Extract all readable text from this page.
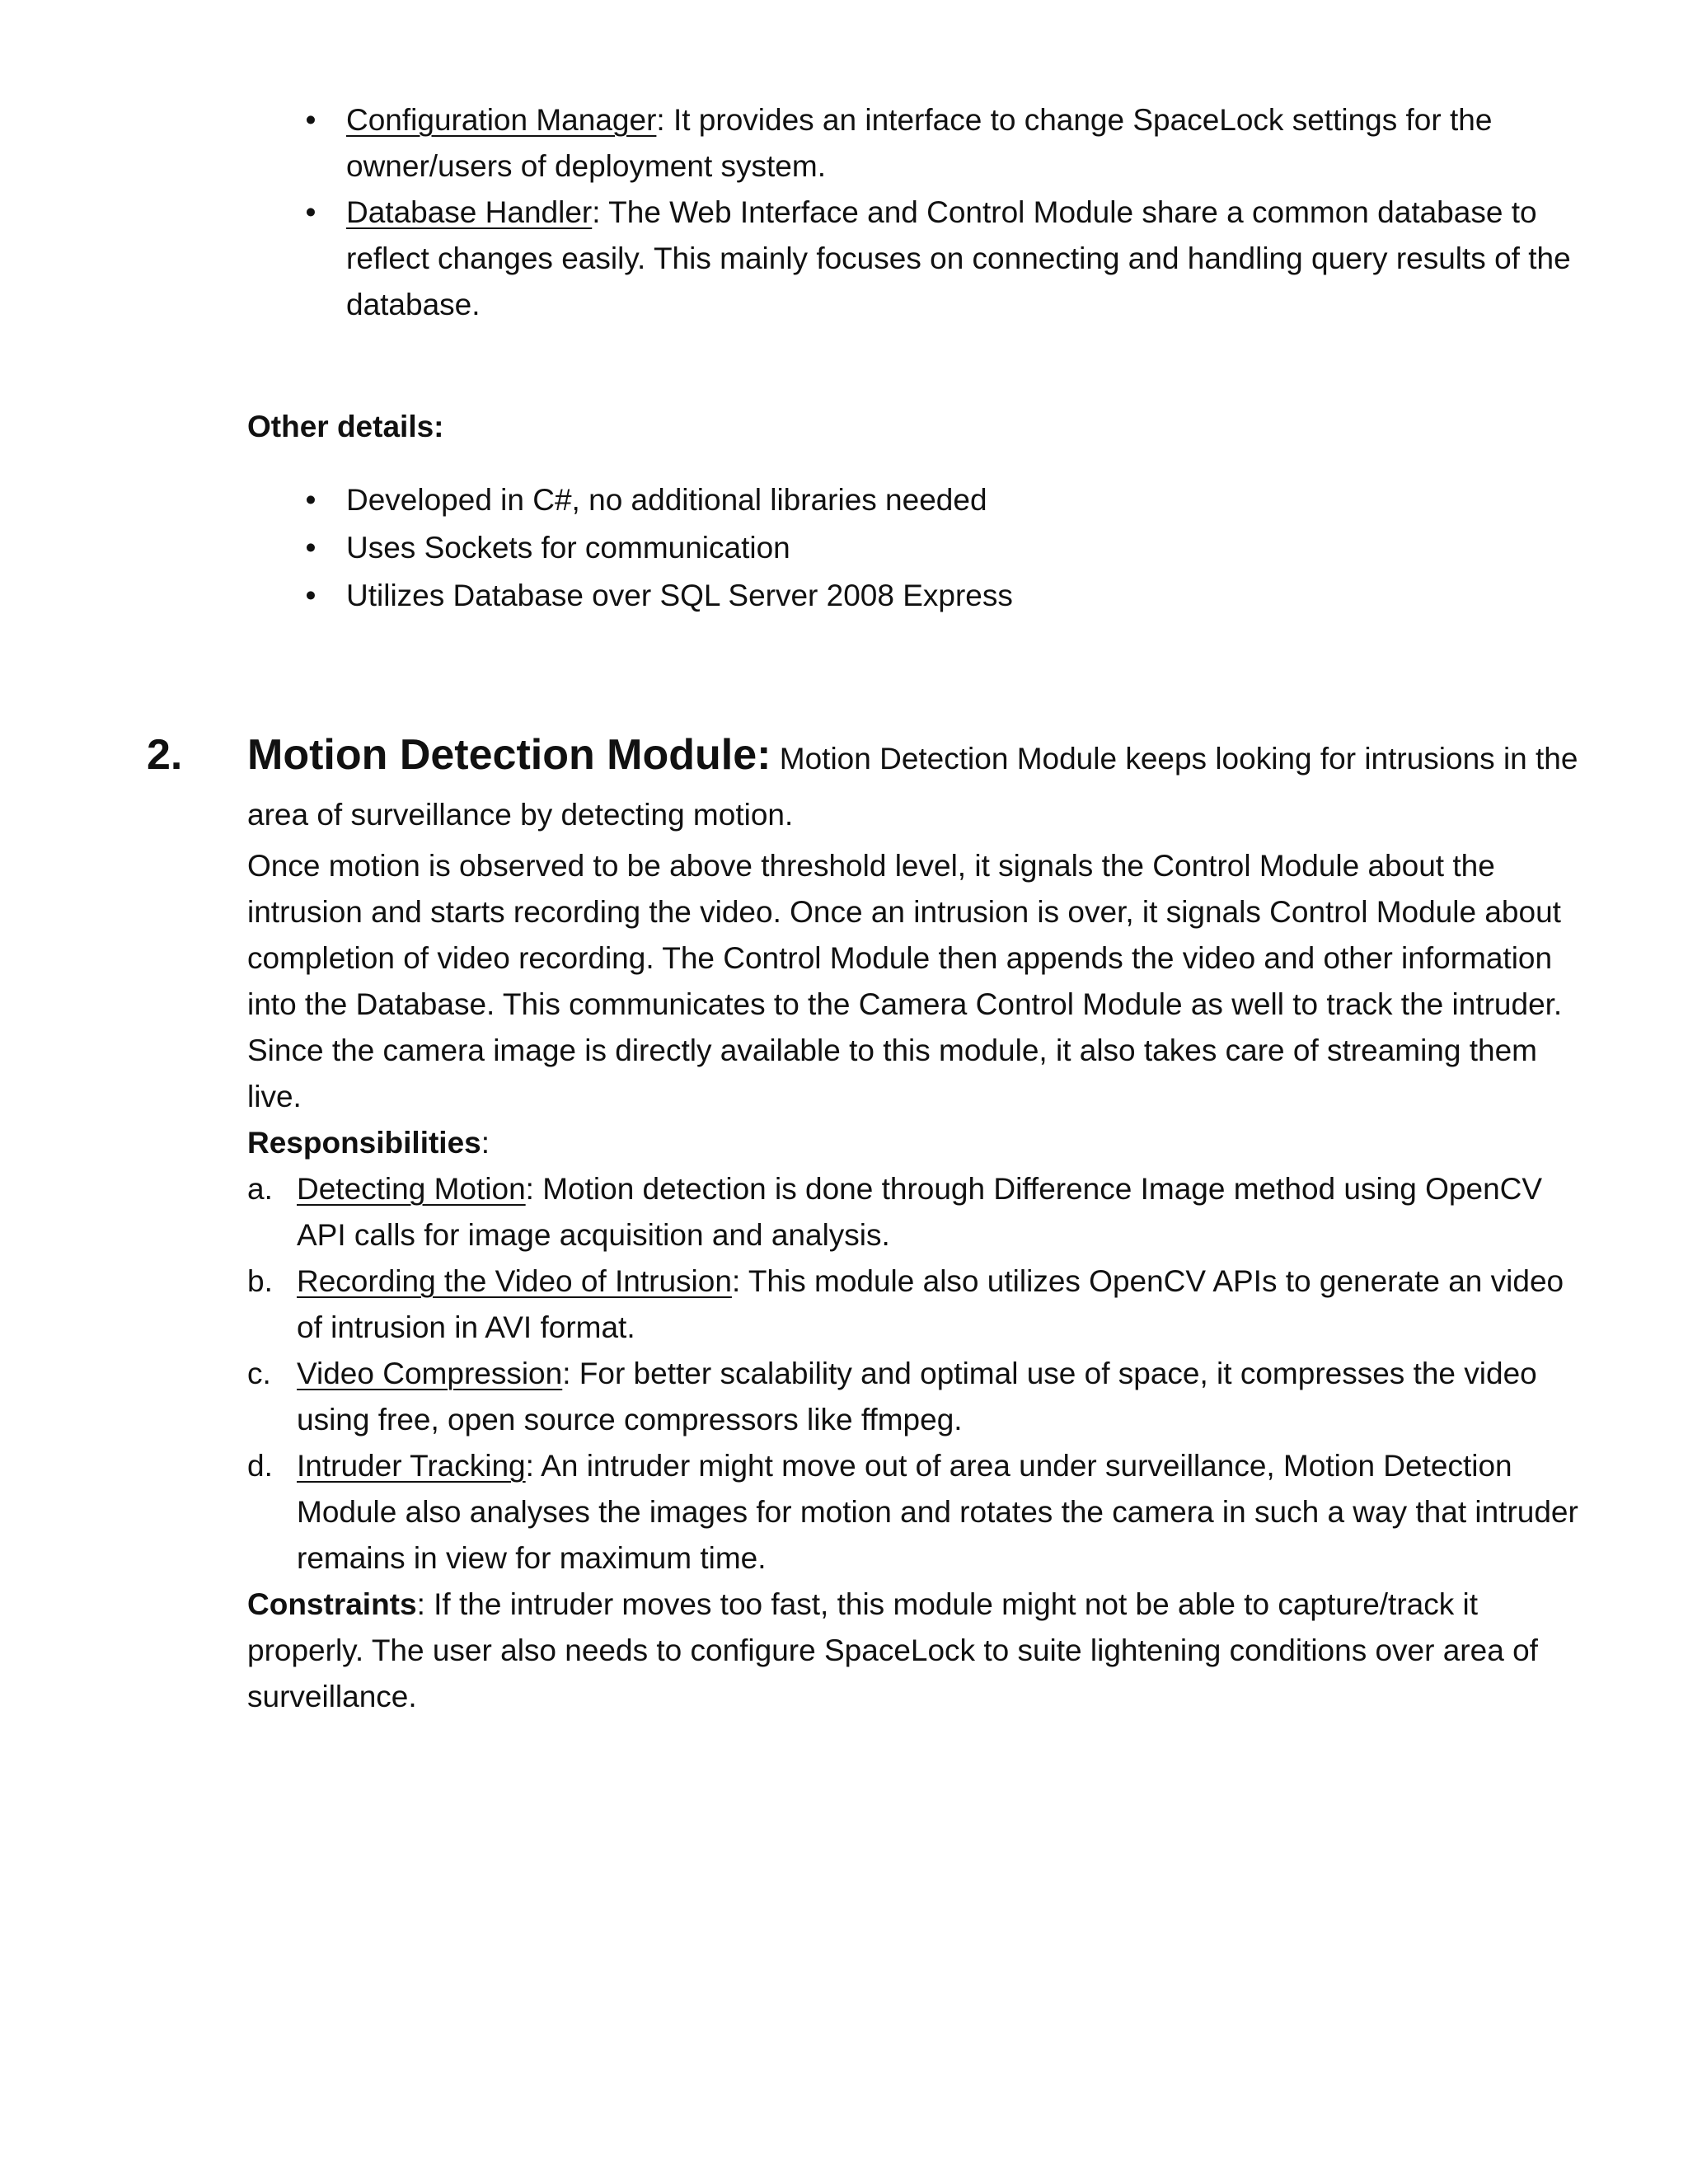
• Configuration Manager: It provides an interface to change SpaceLock settings for the owner/users of deployment system.
• Database Handler: The Web Interface and Control Module share a common database to reflect changes easily. This mainly focuses on connecting and handling query results of the database.
Other details:
• Developed in C#, no additional libraries needed
• Uses Sockets for communication
• Utilizes Database over SQL Server 2008 Express
2. Motion Detection Module: Motion Detection Module keeps looking for intrusions in the area of surveillance by detecting motion.

Once motion is observed to be above threshold level, it signals the Control Module about the intrusion and starts recording the video. Once an intrusion is over, it signals Control Module about completion of video recording. The Control Module then appends the video and other information into the Database. This communicates to the Camera Control Module as well to track the intruder. Since the camera image is directly available to this module, it also takes care of streaming them live.

Responsibilities:

a. Detecting Motion: Motion detection is done through Difference Image method using OpenCV API calls for image acquisition and analysis.
b. Recording the Video of Intrusion: This module also utilizes OpenCV APIs to generate an video of intrusion in AVI format.
c. Video Compression: For better scalability and optimal use of space, it compresses the video using free, open source compressors like ffmpeg.
d. Intruder Tracking: An intruder might move out of area under surveillance, Motion Detection Module also analyses the images for motion and rotates the camera in such a way that intruder remains in view for maximum time.

Constraints: If the intruder moves too fast, this module might not be able to capture/track it properly. The user also needs to configure SpaceLock to suite lightening conditions over area of surveillance.
